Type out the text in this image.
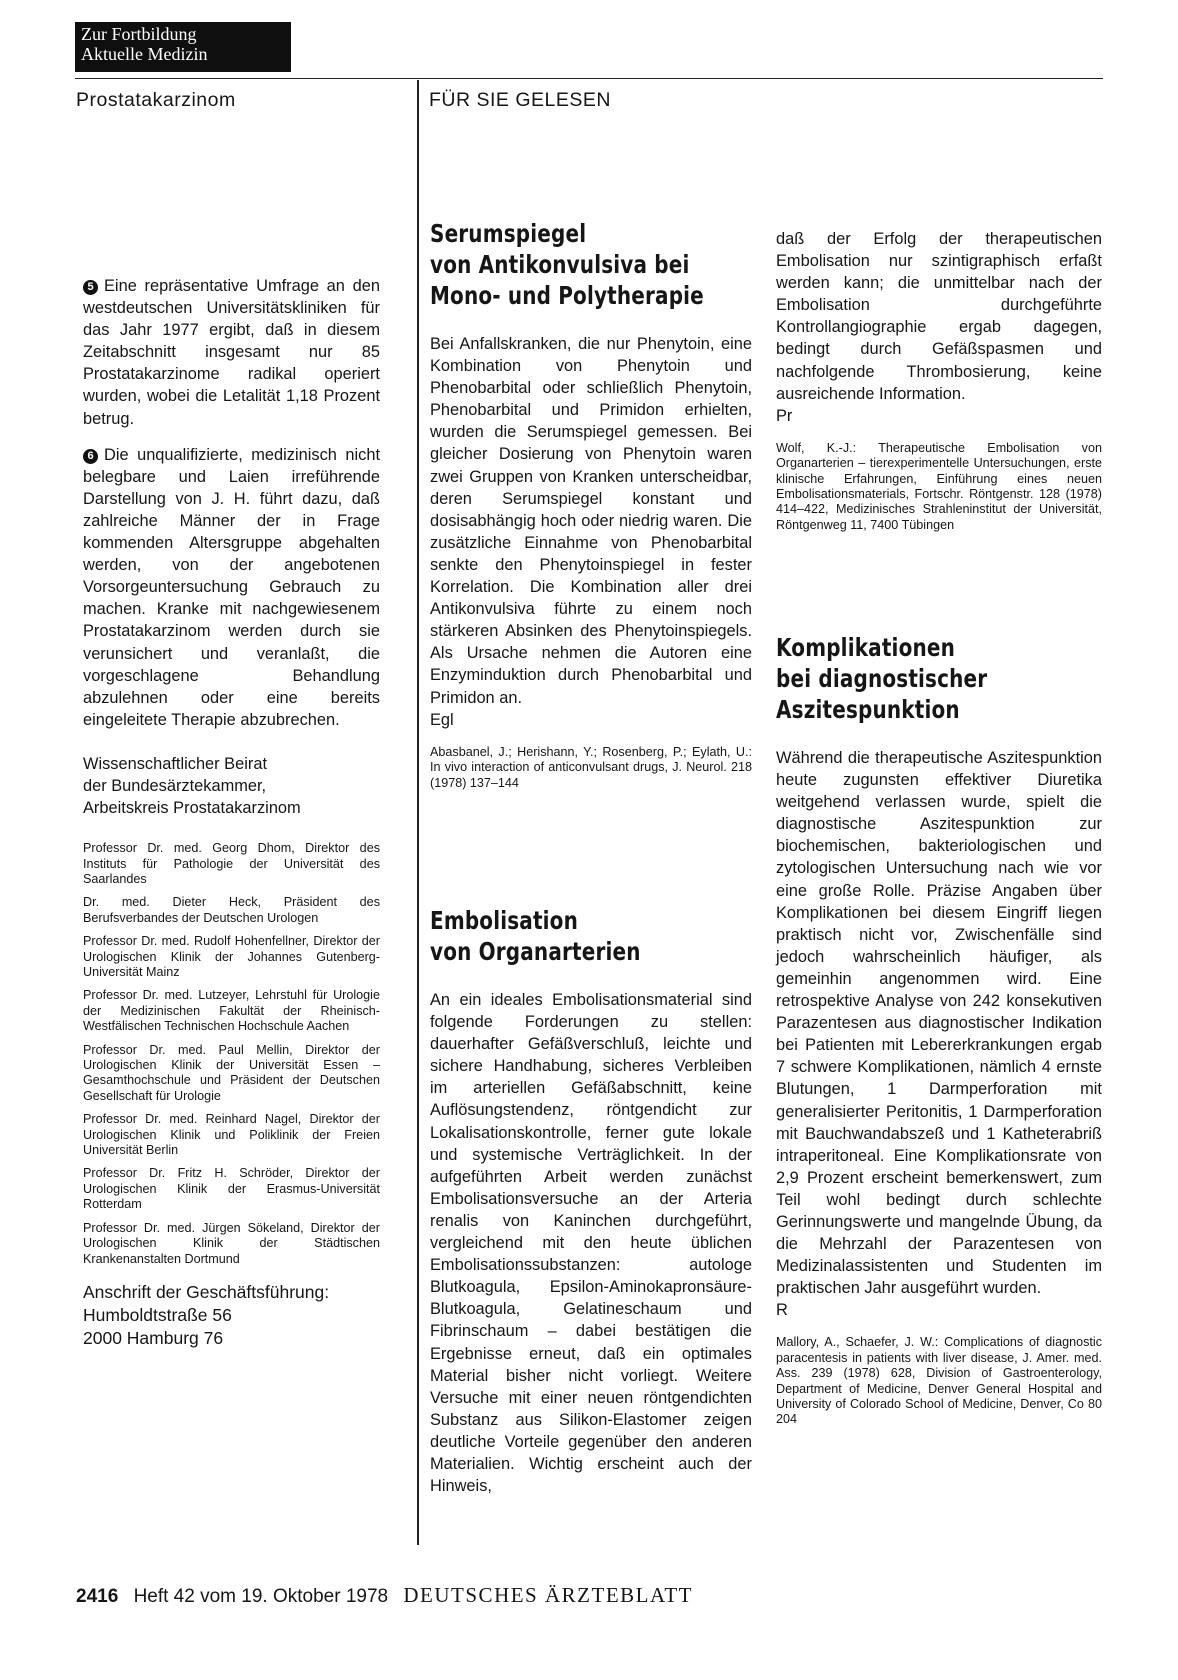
Zur Fortbildung
Aktuelle Medizin
Prostatakarzinom	FÜR SIE GELESEN

5 Eine repräsentative Umfrage an den westdeutschen Universitätskliniken für das Jahr 1977 ergibt, daß in diesem Zeitabschnitt insgesamt nur 85 Prostatakarzinome radikal operiert wurden, wobei die Letalität 1,18 Prozent betrug.

6 Die unqualifizierte, medizinisch nicht belegbare und Laien irreführende Darstellung von J. H. führt dazu, daß zahlreiche Männer der in Frage kommenden Altersgruppe abgehalten werden, von der angebotenen Vorsorgeuntersuchung Gebrauch zu machen. Kranke mit nachgewiesenem Prostatakarzinom werden durch sie verunsichert und veranlaßt, die vorgeschlagene Behandlung abzulehnen oder eine bereits eingeleitete Therapie abzubrechen.

Wissenschaftlicher Beirat
der Bundesärztekammer,
Arbeitskreis Prostatakarzinom

Professor Dr. med. Georg Dhom, Direktor des Instituts für Pathologie der Universität des Saarlandes

Dr. med. Dieter Heck, Präsident des Berufsverbandes der Deutschen Urologen

Professor Dr. med. Rudolf Hohenfellner, Direktor der Urologischen Klinik der Johannes Gutenberg-Universität Mainz

Professor Dr. med. Lutzeyer, Lehrstuhl für Urologie der Medizinischen Fakultät der Rheinisch-Westfälischen Technischen Hochschule Aachen

Professor Dr. med. Paul Mellin, Direktor der Urologischen Klinik der Universität Essen – Gesamthochschule und Präsident der Deutschen Gesellschaft für Urologie

Professor Dr. med. Reinhard Nagel, Direktor der Urologischen Klinik und Poliklinik der Freien Universität Berlin

Professor Dr. Fritz H. Schröder, Direktor der Urologischen Klinik der Erasmus-Universität Rotterdam

Professor Dr. med. Jürgen Sökeland, Direktor der Urologischen Klinik der Städtischen Krankenanstalten Dortmund

Anschrift der Geschäftsführung:
Humboldtstraße 56
2000 Hamburg 76
Serumspiegel
von Antikonvulsiva bei
Mono- und Polytherapie

Bei Anfallskranken, die nur Phenytoin, eine Kombination von Phenytoin und Phenobarbital oder schließlich Phenytoin, Phenobarbital und Primidon erhielten, wurden die Serumspiegel gemessen. Bei gleicher Dosierung von Phenytoin waren zwei Gruppen von Kranken unterscheidbar, deren Serumspiegel konstant und dosisabhängig hoch oder niedrig waren. Die zusätzliche Einnahme von Phenobarbital senkte den Phenytoinspiegel in fester Korrelation. Die Kombination aller drei Antikonvulsiva führte zu einem noch stärkeren Absinken des Phenytoinspiegels. Als Ursache nehmen die Autoren eine Enzyminduktion durch Phenobarbital und Primidon an.

Egl

Abasbanel, J.; Herishann, Y.; Rosenberg, P.; Eylath, U.: In vivo interaction of anticonvulsant drugs, J. Neurol. 218 (1978) 137–144

Embolisation
von Organarterien

An ein ideales Embolisationsmaterial sind folgende Forderungen zu stellen: dauerhafter Gefäßverschluß, leichte und sichere Handhabung, sicheres Verbleiben im arteriellen Gefäßabschnitt, keine Auflösungstendenz, röntgendicht zur Lokalisationskontrolle, ferner gute lokale und systemische Verträglichkeit. In der aufgeführten Arbeit werden zunächst Embolisationsversuche an der Arteria renalis von Kaninchen durchgeführt, vergleichend mit den heute üblichen Embolisationssubstanzen: autologe Blutkoagula, Epsilon-Aminokapronsäure-Blutkoagula, Gelatineschaum und Fibrinschaum – dabei bestätigen die Ergebnisse erneut, daß ein optimales Material bisher nicht vorliegt. Weitere Versuche mit einer neuen röntgendichten Substanz aus Silikon-Elastomer zeigen deutliche Vorteile gegenüber den anderen Materialien. Wichtig erscheint auch der Hinweis,

daß der Erfolg der therapeutischen Embolisation nur szintigraphisch erfaßt werden kann; die unmittelbar nach der Embolisation durchgeführte Kontrollangiographie ergab dagegen, bedingt durch Gefäßspasmen und nachfolgende Thrombosierung, keine ausreichende Information.

Pr

Wolf, K.-J.: Therapeutische Embolisation von Organarterien – tierexperimentelle Untersuchungen, erste klinische Erfahrungen, Einführung eines neuen Embolisationsmaterials, Fortschr. Röntgenstr. 128 (1978) 414–422, Medizinisches Strahleninstitut der Universität, Röntgenweg 11, 7400 Tübingen

Komplikationen
bei diagnostischer
Aszitespunktion

Während die therapeutische Aszitespunktion heute zugunsten effektiver Diuretika weitgehend verlassen wurde, spielt die diagnostische Aszitespunktion zur biochemischen, bakteriologischen und zytologischen Untersuchung nach wie vor eine große Rolle. Präzise Angaben über Komplikationen bei diesem Eingriff liegen praktisch nicht vor, Zwischenfälle sind jedoch wahrscheinlich häufiger, als gemeinhin angenommen wird. Eine retrospektive Analyse von 242 konsekutiven Parazentesen aus diagnostischer Indikation bei Patienten mit Lebererkrankungen ergab 7 schwere Komplikationen, nämlich 4 ernste Blutungen, 1 Darmperforation mit generalisierter Peritonitis, 1 Darmperforation mit Bauchwandabszeß und 1 Katheterabriß intraperitoneal. Eine Komplikationsrate von 2,9 Prozent erscheint bemerkenswert, zum Teil wohl bedingt durch schlechte Gerinnungswerte und mangelnde Übung, da die Mehrzahl der Parazentesen von Medizinalassistenten und Studenten im praktischen Jahr ausgeführt wurden.

R

Mallory, A., Schaefer, J. W.: Complications of diagnostic paracentesis in patients with liver disease, J. Amer. med. Ass. 239 (1978) 628, Division of Gastroenterology, Department of Medicine, Denver General Hospital and University of Colorado School of Medicine, Denver, Co 80 204

2416 Heft 42 vom 19. Oktober 1978 DEUTSCHES ÄRZTEBLATT
